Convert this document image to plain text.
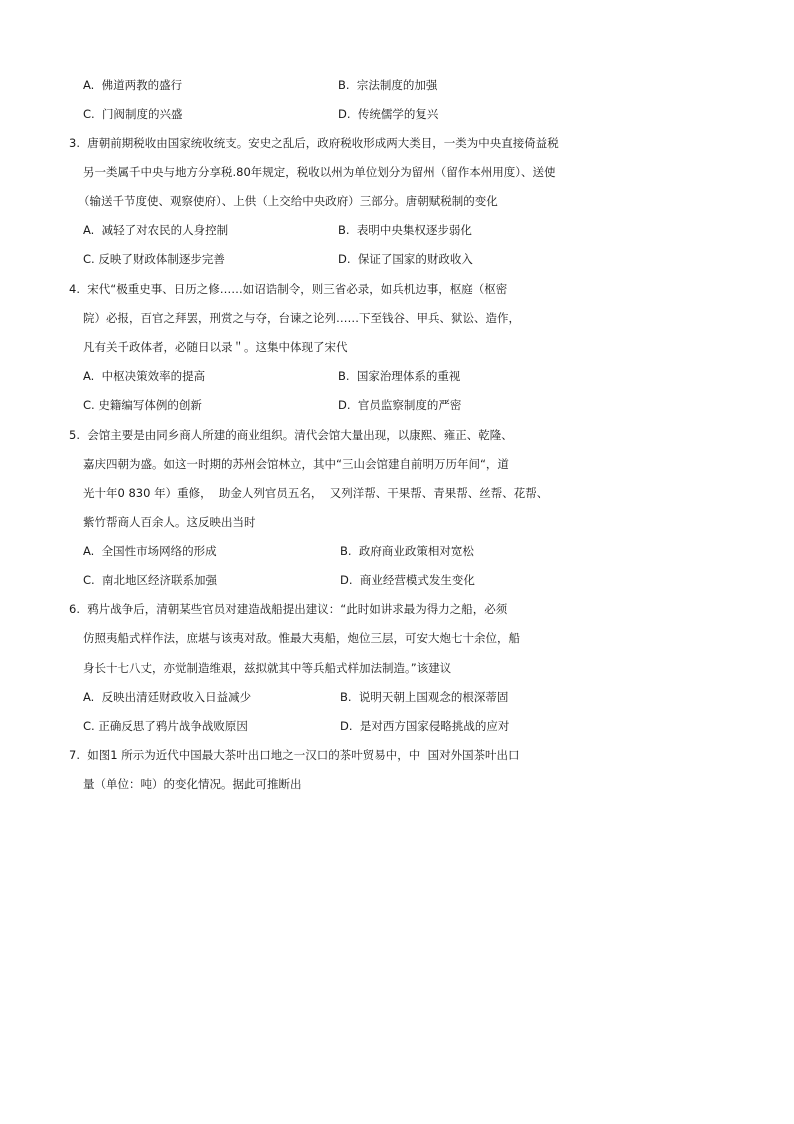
A.  佛道两教的盛行	B.  宗法制度的加强
C.  门阀制度的兴盛	D.  传统儒学的复兴
3.  唐朝前期税收由国家统收统支。安史之乱后，政府税收形成两大类目，一类为中央直接倚益税
另一类属千中央与地方分享税.80年规定，税收以州为单位划分为留州（留作本州用度）、送使
（输送千节度使、观察使府）、上供（上交给中央政府）三部分。唐朝赋税制的变化
A.  减轻了对农民的人身控制	B.  表明中央集权逐步弱化
C. 反映了财政体制逐步完善	D.  保证了国家的财政收入
4.  宋代“极重史事、日历之修……如诏诰制令，则三省必录，如兵机边事，枢庭（枢密
院）必报，百官之拜罢，刑赏之与夺，台谏之论列……下至钱谷、甲兵、狱讼、造作，
凡有关千政体者，必随日以录＂。这集中体现了宋代
A.  中枢决策效率的提高	B.  国家治理体系的重视
C. 史籍编写体例的创新	D.  官员监察制度的严密
5.  会馆主要是由同乡商人所建的商业组织。清代会馆大量出现，以康熙、雍正、乾隆、
嘉庆四朝为盛。如这一时期的苏州会馆林立，其中“三山会馆建自前明万历年间“，道
光十年0 830 年）重修，  助金人列官员五名，  又列洋帮、干果帮、青果帮、丝帮、花帮、
紫竹帮商人百余人。这反映出当时
A.  全国性市场网络的形成	B.  政府商业政策相对宽松
C.  南北地区经济联系加强	D.  商业经营模式发生变化
6.  鸦片战争后，清朝某些官员对建造战船提出建议：“此时如讲求最为得力之船，必须
仿照夷船式样作法，庶堪与该夷对敌。惟最大夷船，炮位三层，可安大炮七十余位，船
身长十七八丈，亦觉制造维艰，兹拟就其中等兵船式样加法制造。”该建议
A.  反映出清廷财政收入日益减少	B.  说明天朝上国观念的根深蒂固
C. 正确反思了鸦片战争战败原因	D.  是对西方国家侵略挑战的应对
7.  如图1 所示为近代中国最大茶叶出口地之一汉口的茶叶贸易中，中  国对外国茶叶出口
量（单位：吨）的变化情况。据此可推断出
